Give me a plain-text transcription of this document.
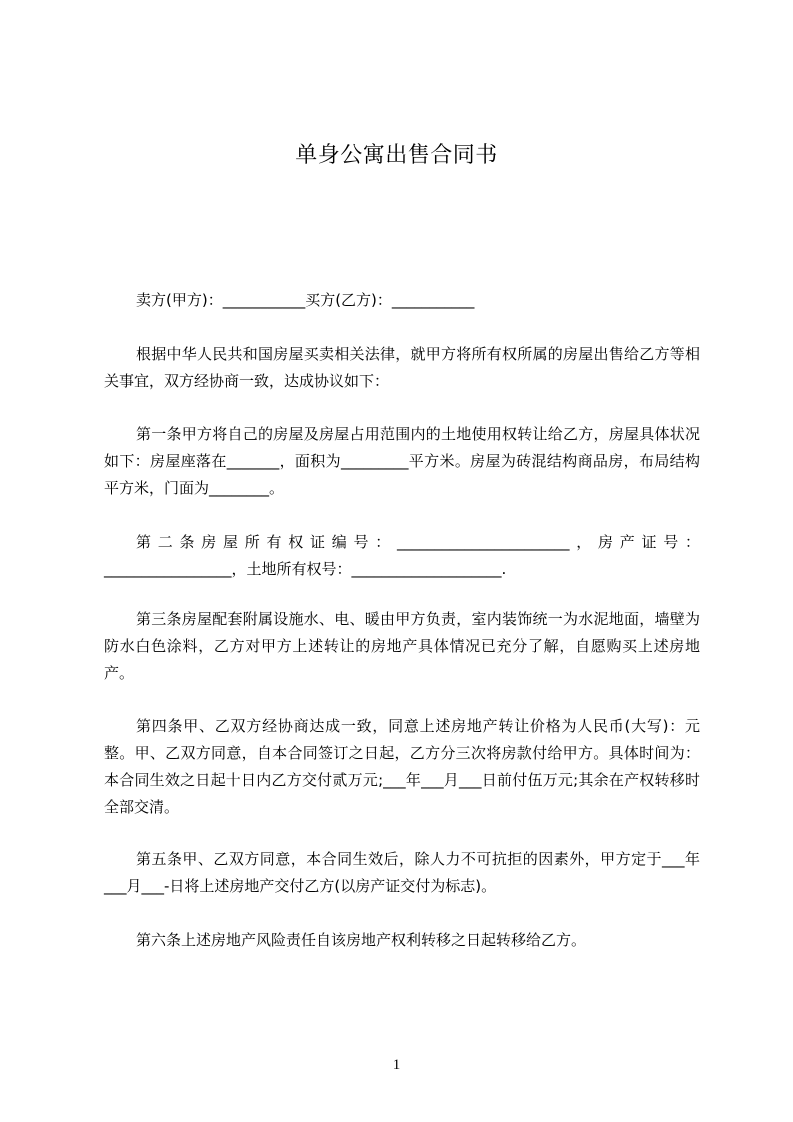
单身公寓出售合同书
卖方(甲方)：___________买方(乙方)：___________
根据中华人民共和国房屋买卖相关法律，就甲方将所有权所属的房屋出售给乙方等相关事宜，双方经协商一致，达成协议如下：
第一条甲方将自己的房屋及房屋占用范围内的土地使用权转让给乙方，房屋具体状况如下：房屋座落在_______，面积为_________平方米。房屋为砖混结构商品房，布局结构平方米，门面为________。
第二条房屋所有权证编号：_______________________，房产证号：_________________，土地所有权号：____________________.
第三条房屋配套附属设施水、电、暖由甲方负责，室内装饰统一为水泥地面，墙壁为防水白色涂料，乙方对甲方上述转让的房地产具体情况已充分了解，自愿购买上述房地产。
第四条甲、乙双方经协商达成一致，同意上述房地产转让价格为人民币(大写)：元整。甲、乙双方同意，自本合同签订之日起，乙方分三次将房款付给甲方。具体时间为：本合同生效之日起十日内乙方交付贰万元;___年___月___日前付伍万元;其余在产权转移时全部交清。
第五条甲、乙双方同意，本合同生效后，除人力不可抗拒的因素外，甲方定于___年___月___-日将上述房地产交付乙方(以房产证交付为标志)。
第六条上述房地产风险责任自该房地产权利转移之日起转移给乙方。
1
